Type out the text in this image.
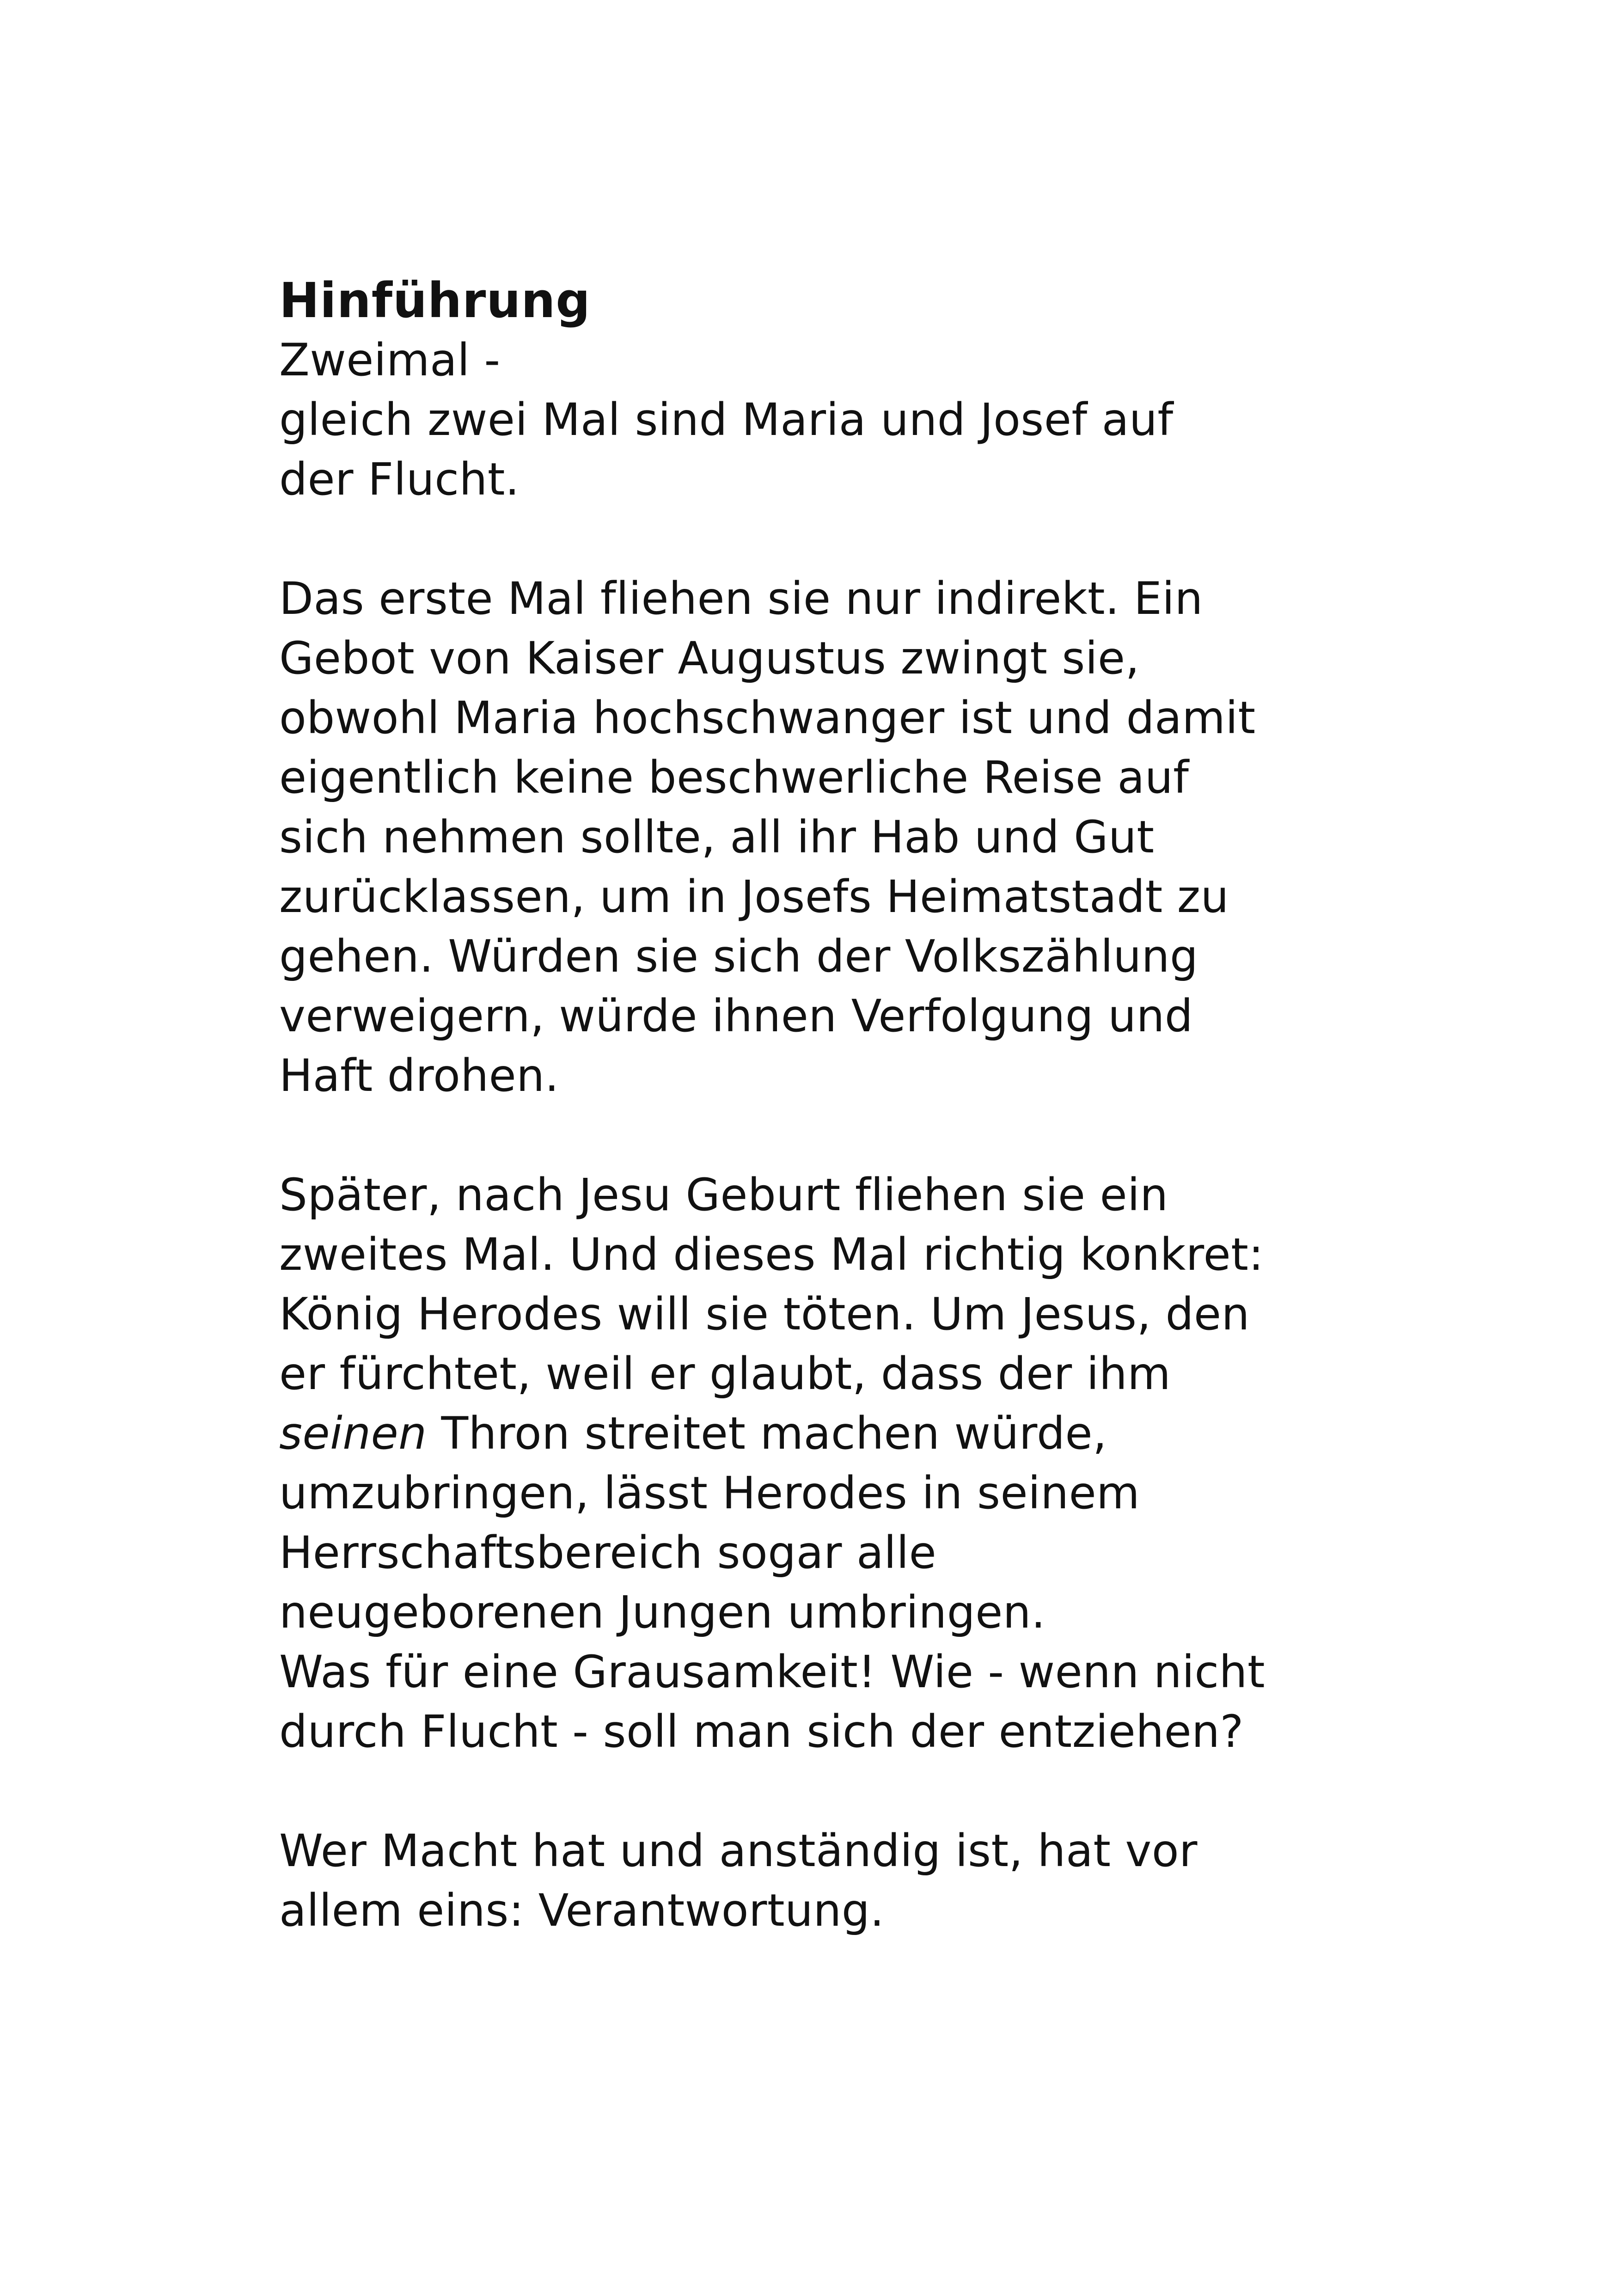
Hinführung

Zweimal -
gleich zwei Mal sind Maria und Josef auf
der Flucht.

Das erste Mal fliehen sie nur indirekt. Ein
Gebot von Kaiser Augustus zwingt sie,
obwohl Maria hochschwanger ist und damit
eigentlich keine beschwerliche Reise auf
sich nehmen sollte, all ihr Hab und Gut
zurücklassen, um in Josefs Heimatstadt zu
gehen. Würden sie sich der Volkszählung
verweigern, würde ihnen Verfolgung und
Haft drohen.

Später, nach Jesu Geburt fliehen sie ein
zweites Mal. Und dieses Mal richtig konkret:
König Herodes will sie töten. Um Jesus, den
er fürchtet, weil er glaubt, dass der ihm
seinen Thron streitet machen würde,
umzubringen, lässt Herodes in seinem
Herrschaftsbereich sogar alle
neugeborenen Jungen umbringen.
Was für eine Grausamkeit! Wie - wenn nicht
durch Flucht - soll man sich der entziehen?

Wer Macht hat und anständig ist, hat vor
allem eins: Verantwortung.
